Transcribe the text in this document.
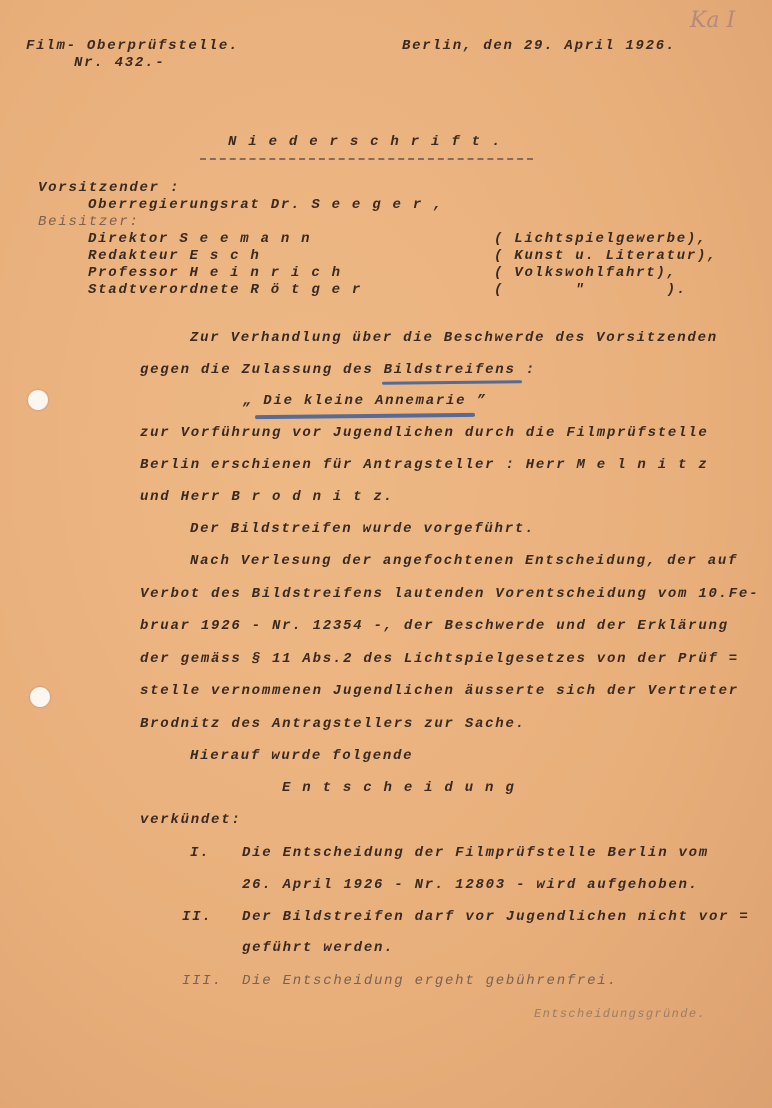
Ka I
Film- Oberprüfstelle.
Nr. 432.-
Berlin, den 29. April 1926.
N i e d e r s c h r i f t .
Vorsitzender :
Oberregierungsrat Dr. S e e g e r ,
Beisitzer:
Direktor S e e m a n n	( Lichtspielgewerbe),
Redakteur E s c h	( Kunst u. Literatur),
Professor H e i n r i c h	( Volkswohlfahrt),
Stadtverordnete R ö t g e r	(       "        ).
Zur Verhandlung über die Beschwerde des Vorsitzenden
gegen die Zulassung des Bildstreifens :
„ Die kleine Annemarie ”
zur Vorführung vor Jugendlichen durch die Filmprüfstelle
Berlin erschienen für Antragsteller : Herr M e l n i t z
und Herr B r o d n i t z.
Der Bildstreifen wurde vorgeführt.
Nach Verlesung der angefochtenen Entscheidung, der auf
Verbot des Bildstreifens lautenden Vorentscheidung vom 10.Fe-
bruar 1926 - Nr. 12354 -, der Beschwerde und der Erklärung
der gemäss § 11 Abs.2 des Lichtspielgesetzes von der Prüf =
stelle vernommenen Jugendlichen äusserte sich der Vertreter
Brodnitz des Antragstellers zur Sache.
Hierauf wurde folgende
E n t s c h e i d u n g
verkündet:
I. Die Entscheidung der Filmprüfstelle Berlin vom
26. April 1926 - Nr. 12803 - wird aufgehoben.
II. Der Bildstreifen darf vor Jugendlichen nicht vor =
geführt werden.
III. Die Entscheidung ergeht gebührenfrei.
Entscheidungsgründe.
